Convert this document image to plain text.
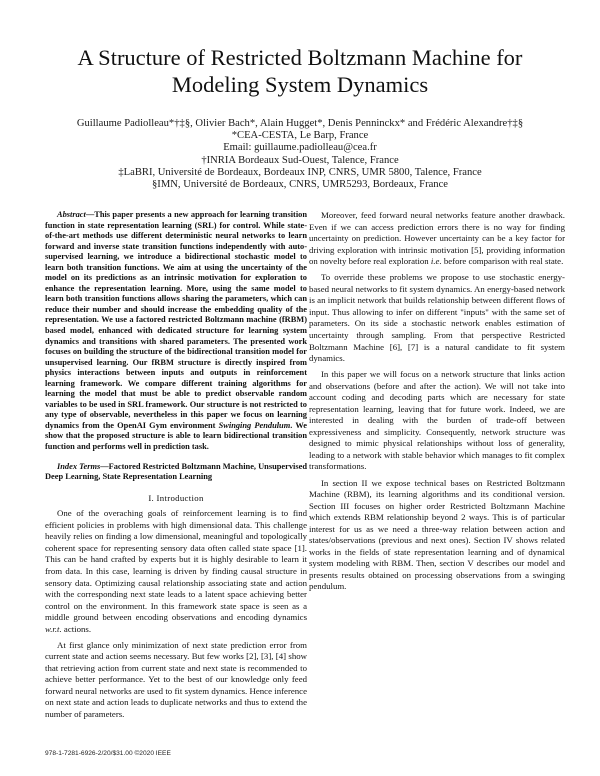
A Structure of Restricted Boltzmann Machine for
Modeling System Dynamics
Guillaume Padiolleau*†‡§, Olivier Bach*, Alain Hugget*, Denis Penninckx* and Frédéric Alexandre†‡§
*CEA-CESTA, Le Barp, France
Email: guillaume.padiolleau@cea.fr
†INRIA Bordeaux Sud-Ouest, Talence, France
‡LaBRI, Université de Bordeaux, Bordeaux INP, CNRS, UMR 5800, Talence, France
§IMN, Université de Bordeaux, CNRS, UMR5293, Bordeaux, France

Abstract—This paper presents a new approach for learning transition function in state representation learning (SRL) for control. While state-of-the-art methods use different deterministic neural networks to learn forward and inverse state transition functions independently with auto-supervised learning, we introduce a bidirectional stochastic model to learn both transition functions. We aim at using the uncertainty of the model on its predictions as an intrinsic motivation for exploration to enhance the representation learning. More, using the same model to learn both transition functions allows sharing the parameters, which can reduce their number and should increase the embedding quality of the representation. We use a factored restricted Boltzmann machine (fRBM) based model, enhanced with dedicated structure for learning system dynamics and transitions with shared parameters. The presented work focuses on building the structure of the bidirectional transition model for unsupervised learning. Our fRBM structure is directly inspired from physics interactions between inputs and outputs in reinforcement learning framework. We compare different training algorithms for learning the model that must be able to predict observable random variables to be used in SRL framework. Our structure is not restricted to any type of observable, nevertheless in this paper we focus on learning dynamics from the OpenAI Gym environment Swinging Pendulum. We show that the proposed structure is able to learn bidirectional transition function and performs well in prediction task.

Index Terms—Factored Restricted Boltzmann Machine, Unsupervised Deep Learning, State Representation Learning

I. Introduction

One of the overaching goals of reinforcement learning is to find efficient policies in problems with high dimensional data. This challenge heavily relies on finding a low dimensional, meaningful and topologically coherent space for representing sensory data often called state space [1]. This can be hand crafted by experts but it is highly desirable to learn it from data. In this case, learning is driven by finding causal structure in sensory data. Optimizing causal relationship associating state and action with the corresponding next state leads to a latent space achieving better control on the environment. In this framework state space is seen as a middle ground between encoding observations and encoding dynamics w.r.t. actions.

At first glance only minimization of next state prediction error from current state and action seems necessary. But few works [2], [3], [4] show that retrieving action from current state and next state is recommended to achieve better performance. Yet to the best of our knowledge only feed forward neural networks are used to fit system dynamics. Hence inference on next state and action leads to duplicate networks and thus to extend the number of parameters.

Moreover, feed forward neural networks feature another drawback. Even if we can access prediction errors there is no way for finding uncertainty on prediction. However uncertainty can be a key factor for driving exploration with intrinsic motivation [5], providing information on novelty before real exploration i.e. before comparison with real state.

To override these problems we propose to use stochastic energy-based neural networks to fit system dynamics. An energy-based network is an implicit network that builds relationship between different flows of input. Thus allowing to infer on different "inputs" with the same set of parameters. On its side a stochastic network enables estimation of uncertainty through sampling. From that perspective Restricted Boltzmann Machine [6], [7] is a natural candidate to fit system dynamics.

In this paper we will focus on a network structure that links action and observations (before and after the action). We will not take into account coding and decoding parts which are necessary for state representation learning, leaving that for future work. Indeed, we are interested in dealing with the burden of trade-off between expressiveness and simplicity. Consequently, network structure was designed to mimic physical relationships without loss of generality, leading to a network with stable behavior which manages to fit complex transformations.

In section II we expose technical bases on Restricted Boltzmann Machine (RBM), its learning algorithms and its conditional version. Section III focuses on higher order Restricted Boltzmann Machine which extends RBM relationship beyond 2 ways. This is of particular interest for us as we need a three-way relation between action and states/observations (previous and next ones). Section IV shows related works in the fields of state representation learning and of dynamical system modeling with RBM. Then, section V describes our model and presents results obtained on processing observations from a swinging pendulum.

978-1-7281-6926-2/20/$31.00 ©2020 IEEE
